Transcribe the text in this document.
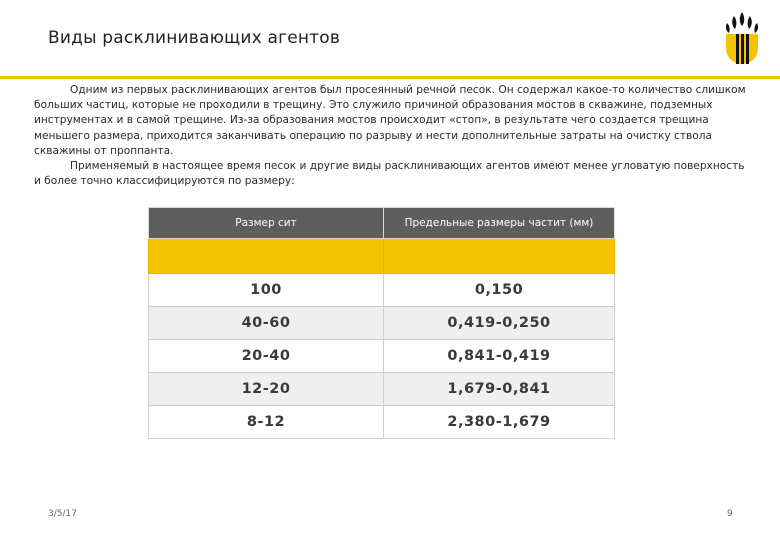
Виды расклинивающих агентов

Одним из первых расклинивающих агентов был просеянный речной песок. Он содержал какое-то количество слишком больших частиц, которые не проходили в трещину. Это служило причиной образования мостов в скважине, подземных инструментах и в самой трещине. Из-за образования мостов происходит «стоп», в результате чего создается трещина меньшего размера, приходится заканчивать операцию по разрыву и нести дополнительные затраты на очистку ствола скважины от проппанта.

Применяемый в настоящее время песок и другие виды расклинивающих агентов имеют менее угловатую поверхность и более точно классифицируются по размеру:

Размер сит	Предельные размеры частит (мм)

100	0,150
40-60	0,419-0,250
20-40	0,841-0,419
12-20	1,679-0,841
8-12	2,380-1,679
3/5/17	9
